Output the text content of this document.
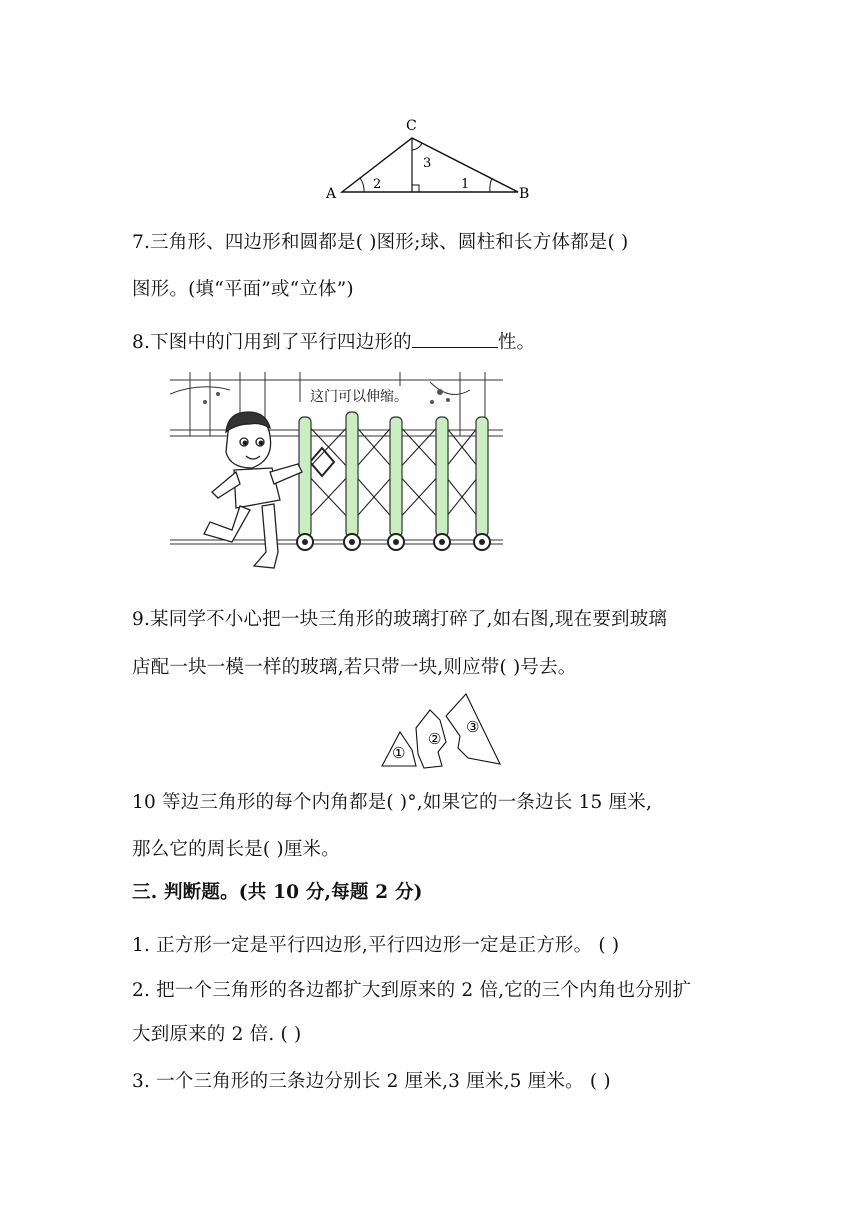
C
A	B
2	1
3
7.三角形、四边形和圆都是( )图形;球、圆柱和长方体都是( )
图形。(填“平面”或“立体”)
8.下图中的门用到了平行四边形的	性。
这门可以伸缩。
9.某同学不小心把一块三角形的玻璃打碎了,如右图,现在要到玻璃
店配一块一模一样的玻璃,若只带一块,则应带( )号去。
①
②
③
10 等边三角形的每个内角都是( )°,如果它的一条边长 15 厘米,
那么它的周长是( )厘米。
三. 判断题。(共 10 分,每题 2 分)
1. 正方形一定是平行四边形,平行四边形一定是正方形。 ( )
2. 把一个三角形的各边都扩大到原来的 2 倍,它的三个内角也分别扩
大到原来的 2 倍. ( )
3. 一个三角形的三条边分别长 2 厘米,3 厘米,5 厘米。 ( )
